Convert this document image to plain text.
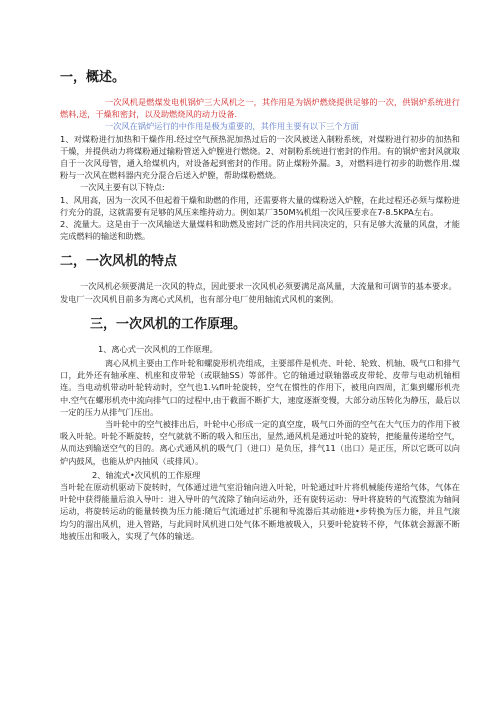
一，概述。

一次风机是燃煤发电机锅炉三大风机之一，其作用是为锅炉燃烧提供足够的一次，供锅炉系统进行燃料,送，干燥和密封，以及助燃烧风的动力设备.

一次风在锅炉运行的中作用是极为重要的，其作用主要有以下三个方面

1、对煤粉进行加热和干燥作用.经过空气预热泥加热过后的一次风被送入制粉系统，对煤粉进行初步的加热和干燥，并提供动力将煤粉通过输粉管送入炉膛进行燃烧。2、对制粉系统进行密封的作用。有的锅炉密封风就取自于一次风母管，通入给煤机内，对设备起到密封的作用。防止煤粉外漏。3，对燃料进行初步的助燃作用.煤粉与一次风在燃料器内充分混合后送入炉膛，帮助煤粉燃烧。

一次风主要有以下特点:

1、风用高，因为一次风不但起着干燥和助燃的作用，还需要将大量的煤粉送入炉膛，在此过程还必须与煤粉进行充分的混，这就需要有足够的风压来维持动力。例如某厂350M¾机组一次风压要求在7-8.5KPA左右。

2、流量大。这是由于一次风输送大量煤料和助燃及密封广泛的作用共同决定的，只有足够大流量的风盘，才能完成燃料的输送和助燃。

二，一次风机的特点

一次风机必须要满足一次风的特点，因此要求一次风机必须要满足高风量，大流量和可调节的基本要求。

发电厂一次风机目前多为离心式风机，也有部分电厂使用轴流式风机的案例。

三，一次风机的工作原理。

1、离心式一次风机的工作原理。

离心风机主要由工作叶轮和螺旋形机壳组成，主要部件是机壳、叶轮、轮致、机轴、吸气口和排气口，此外还有轴承座、机座和皮带轮（或联轴SS）等部件。它的轴通过联轴器或皮带轮、皮带与电动机轴相连。当电动机带动叶轮转动时，空气也1.¼fl叶轮旋转，空气在惯性的作用下，被甩向四周，汇集到螺形机壳中.空气在螺形机壳中流向排气口的过程中,由于截面不断扩大，速度逐渐变慢，大部分动压转化为静压，最后以一定的压力从排气门压出。

当叶轮中的空气被排出后，叶轮中心形成一定的真空度，吸气口外面的空气在大气压力的作用下被吸入叶轮。叶轮不断旋转，空气就就不断的吸入和压出，显然,通风机是通过叶轮的旋转，把能量传递给空气，从而达到输送空气的目的。离心式通风机的吸气门（进口）是负压，排气11（出口）是正压，所以它既可以向炉内鼓风，也能从炉内抽风（或排风）。

2、轴流式•次风机的工作原理

当叶轮在原动机驱动下旋转时，气体通过进气室沿轴向进入叶轮，叶轮通过叶片将机械能传递给气体，气体在叶轮中获得能量后浪入导叶：进入导叶的气流除了轴向运动外，还有旋转运动：导叶将旋转的气流整流为轴间运动，将旋转运动的能量转换为压力能:随后气流通过扩乐褪和导流器后其动能进•步转换为压力能，并且气滚均匀的溜出风机，进入管路，与此同时风机进口处气体不断地被吸入，只要叶轮旋转不停，气体就会源源不断地被压出和吸入，实现了气体的输送。
